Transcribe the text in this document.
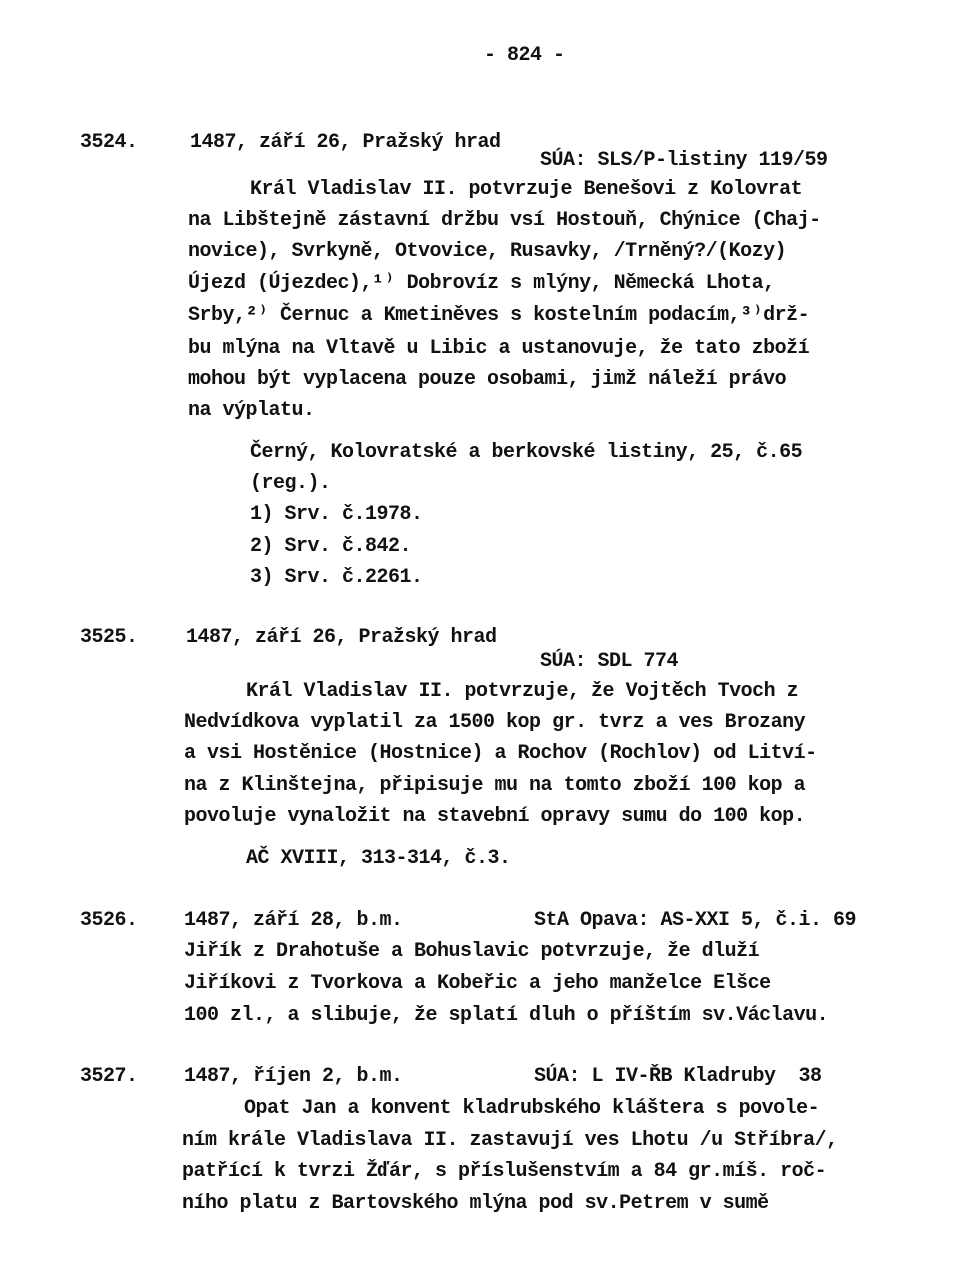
- 824 -
3524.	1487, září 26, Pražský hrad
SÚA: SLS/P-listiny 119/59
Král Vladislav II. potvrzuje Benešovi z Kolovrat
na Libštejně zástavní držbu vsí Hostouň, Chýnice (Chaj-
novice), Svrkyně, Otvovice, Rusavky, /Trněný?/(Kozy)
Újezd (Újezdec),¹⁾ Dobrovíz s mlýny, Německá Lhota,
Srby,²⁾ Černuc a Kmetiněves s kostelním podacím,³⁾drž-
bu mlýna na Vltavě u Libic a ustanovuje, že tato zboží
mohou být vyplacena pouze osobami, jimž náleží právo
na výplatu.
Černý, Kolovratské a berkovské listiny, 25, č.65
(reg.).
1) Srv. č.1978.
2) Srv. č.842.
3) Srv. č.2261.
3525. 1487, září 26, Pražský hrad
SÚA: SDL 774
Král Vladislav II. potvrzuje, že Vojtěch Tvoch z
Nedvídkova vyplatil za 1500 kop gr. tvrz a ves Brozany
a vsi Hostěnice (Hostnice) a Rochov (Rochlov) od Litví-
na z Klinštejna, připisuje mu na tomto zboží 100 kop a
povoluje vynaložit na stavební opravy sumu do 100 kop.
AČ XVIII, 313-314, č.3.
3526. 1487, září 28, b.m.	StA Opava: AS-XXI 5, č.i. 69
Jiřík z Drahotuše a Bohuslavic potvrzuje, že dluží
Jiříkovi z Tvorkova a Kobeřic a jeho manželce Elšce
100 zl., a slibuje, že splatí dluh o příštím sv.Václavu.
3527. 1487, říjen 2, b.m.	SÚA: L IV-ŘB Kladruby  38
Opat Jan a konvent kladrubského kláštera s povole-
ním krále Vladislava II. zastavují ves Lhotu /u Stříbra/,
patřící k tvrzi Žďár, s příslušenstvím a 84 gr.míš. roč-
ního platu z Bartovského mlýna pod sv.Petrem v sumě
